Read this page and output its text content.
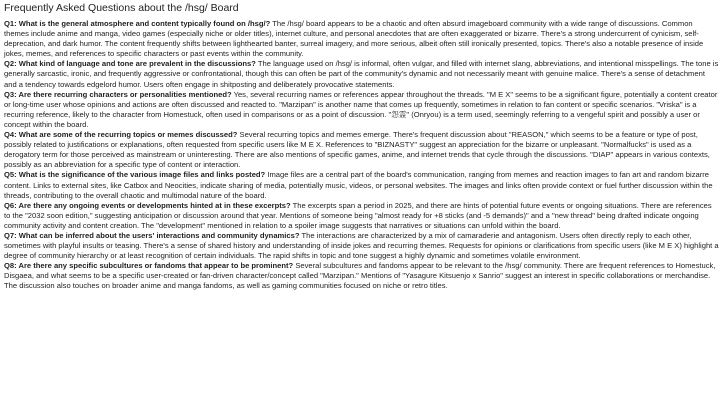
Frequently Asked Questions about the /hsg/ Board

Q1: What is the general atmosphere and content typically found on /hsg/? The /hsg/ board appears to be a chaotic and often absurd imageboard community with a wide range of discussions. Common themes include anime and manga, video games (especially niche or older titles), internet culture, and personal anecdotes that are often exaggerated or bizarre. There's a strong undercurrent of cynicism, self-deprecation, and dark humor. The content frequently shifts between lighthearted banter, surreal imagery, and more serious, albeit often still ironically presented, topics. There's also a notable presence of inside jokes, memes, and references to specific characters or past events within the community.

Q2: What kind of language and tone are prevalent in the discussions? The language used on /hsg/ is informal, often vulgar, and filled with internet slang, abbreviations, and intentional misspellings. The tone is generally sarcastic, ironic, and frequently aggressive or confrontational, though this can often be part of the community's dynamic and not necessarily meant with genuine malice. There's a sense of detachment and a tendency towards edgelord humor. Users often engage in shitposting and deliberately provocative statements.

Q3: Are there recurring characters or personalities mentioned? Yes, several recurring names or references appear throughout the threads. "M E X" seems to be a significant figure, potentially a content creator or long-time user whose opinions and actions are often discussed and reacted to. "Marzipan" is another name that comes up frequently, sometimes in relation to fan content or specific scenarios. "Vriska" is a recurring reference, likely to the character from Homestuck, often used in comparisons or as a point of discussion. "怨霊" (Onryou) is a term used, seemingly referring to a vengeful spirit and possibly a user or concept within the board.

Q4: What are some of the recurring topics or memes discussed? Several recurring topics and memes emerge. There's frequent discussion about "REASON," which seems to be a feature or type of post, possibly related to justifications or explanations, often requested from specific users like M E X. References to "BIZNASTY" suggest an appreciation for the bizarre or unpleasant. "Normalfucks" is used as a derogatory term for those perceived as mainstream or uninteresting. There are also mentions of specific games, anime, and internet trends that cycle through the discussions. "DIAP" appears in various contexts, possibly as an abbreviation for a specific type of content or interaction.

Q5: What is the significance of the various image files and links posted? Image files are a central part of the board's communication, ranging from memes and reaction images to fan art and random bizarre content. Links to external sites, like Catbox and Neocities, indicate sharing of media, potentially music, videos, or personal websites. The images and links often provide context or fuel further discussion within the threads, contributing to the overall chaotic and multimodal nature of the board.

Q6: Are there any ongoing events or developments hinted at in these excerpts? The excerpts span a period in 2025, and there are hints of potential future events or ongoing situations. There are references to the "2032 soon edition," suggesting anticipation or discussion around that year. Mentions of someone being "almost ready for +8 sticks (and -5 demands)" and a "new thread" being drafted indicate ongoing community activity and content creation. The "development" mentioned in relation to a spoiler image suggests that narratives or situations can unfold within the board.

Q7: What can be inferred about the users' interactions and community dynamics? The interactions are characterized by a mix of camaraderie and antagonism. Users often directly reply to each other, sometimes with playful insults or teasing. There's a sense of shared history and understanding of inside jokes and recurring themes. Requests for opinions or clarifications from specific users (like M E X) highlight a degree of community hierarchy or at least recognition of certain individuals. The rapid shifts in topic and tone suggest a highly dynamic and sometimes volatile environment.

Q8: Are there any specific subcultures or fandoms that appear to be prominent? Several subcultures and fandoms appear to be relevant to the /hsg/ community. There are frequent references to Homestuck, Disgaea, and what seems to be a specific user-created or fan-driven character/concept called "Marzipan." Mentions of "Yasagure Kitsuenjo x Sanrio" suggest an interest in specific collaborations or merchandise. The discussion also touches on broader anime and manga fandoms, as well as gaming communities focused on niche or retro titles.
